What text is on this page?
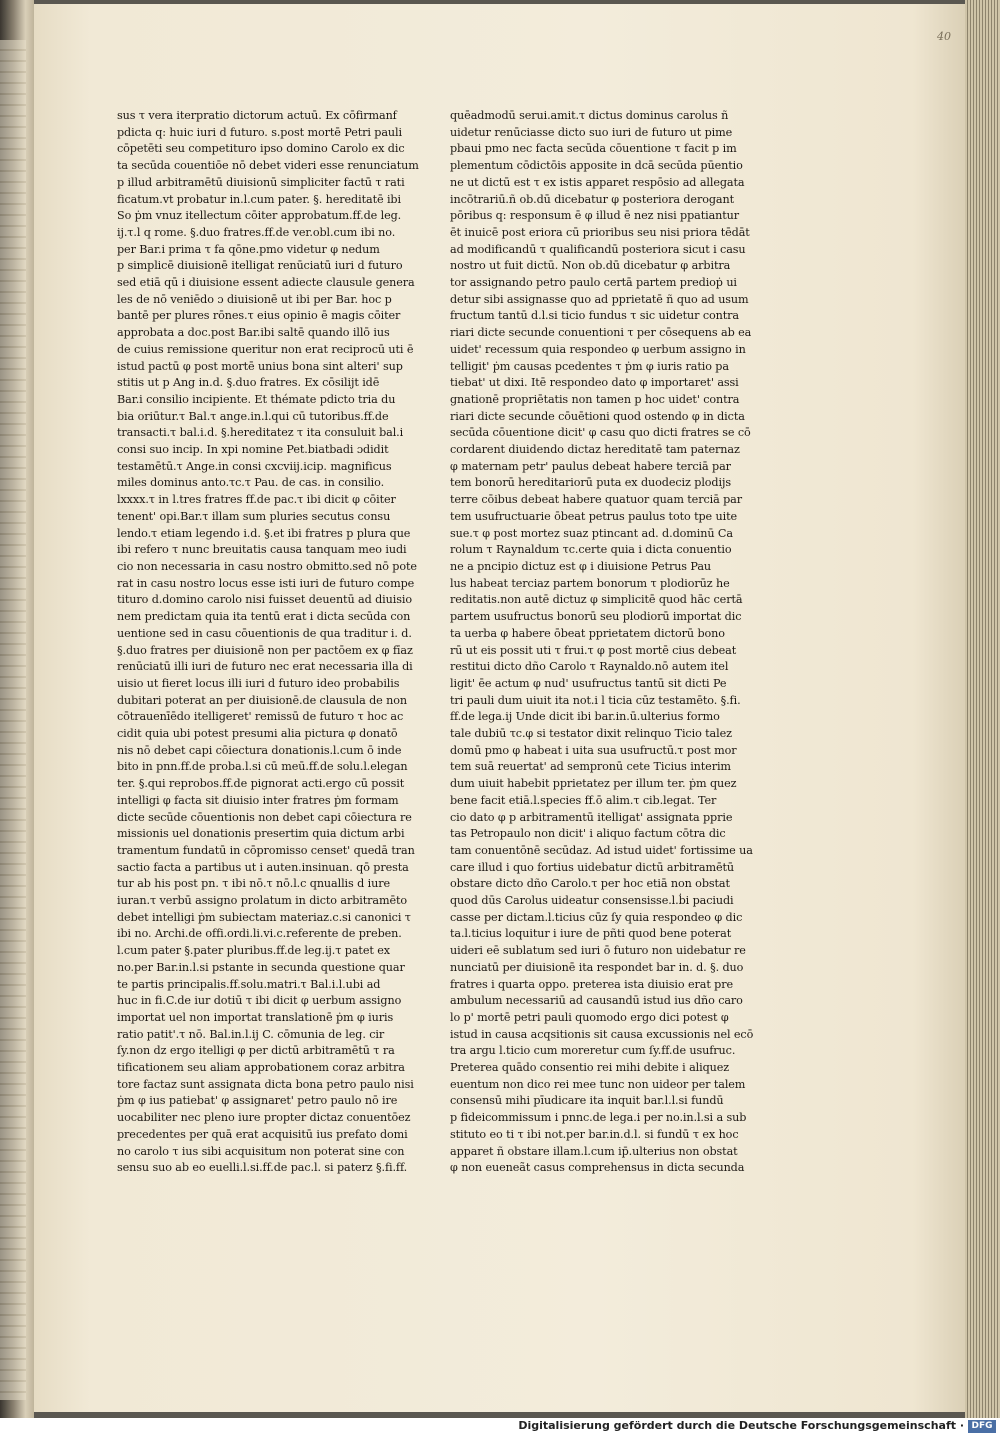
40
sus τ vera iterpratio dictorum actuū. Ex cōfirmanf
pdicta q: huic iuri d futuro. s.post mortē Petri pauli
cōpetēti seu competituro ipso domino Carolo ex dic
ta secūda couentiōe nō debet videri esse renunciatum
p illud arbitramētū diuisionū simpliciter factū τ rati
ficatum.vt probatur in.l.cum pater. §. hereditatē ibi
So ṗm vnuz itellectum cōiter approbatum.ff.de leg.
ij.τ.l q rome. §.duo fratres.ff.de ver.obl.cum ibi no.
per Bar.i prima τ fa qōne.pmo videtur φ nedum
p simplicē diuisionē itelligat renūciatū iuri d futuro
sed etiā qū i diuisione essent adiecte clausule genera
les de nō veniēdo ɔ diuisionē ut ibi per Bar. hoc p
bantē per plures rōnes.τ eius opinio ē magis cōiter
approbata a doc.post Bar.ibi saltē quando illō ius
de cuius remissione queritur non erat reciprocū uti ē
istud pactū φ post mortē unius bona sint alteri' sup
stitis ut p Ang in.d. §.duo fratres. Ex cōsilijt idē
Bar.i consilio incipiente. Et thémate pdicto tria du
bia oriūtur.τ Bal.τ ange.in.l.qui cū tutoribus.ff.de
transacti.τ bal.i.d. §.hereditatez τ ita consuluit bal.i
consi suo incip. In xpi nomine Pet.biatbadi ɔdidit
testamētū.τ Ange.in consi cxcviij.icip. magnificus
miles dominus anto.τc.τ Pau. de cas. in consilio.
lxxxx.τ in l.tres fratres ff.de pac.τ ibi dicit φ cōiter
tenent' opi.Bar.τ illam sum pluries secutus consu
lendo.τ etiam legendo i.d. §.et ibi fratres p plura que
ibi refero τ nunc breuitatis causa tanquam meo iudi
cio non necessaria in casu nostro obmitto.sed nō pote
rat in casu nostro locus esse isti iuri de futuro compe
tituro d.domino carolo nisi fuisset deuentū ad diuisio
nem predictam quia ita tentū erat i dicta secūda con
uentione sed in casu cōuentionis de qua traditur i. d.
§.duo fratres per diuisionē non per pactōem ex φ fīaz
renūciatū illi iuri de futuro nec erat necessaria illa di
uisio ut fieret locus illi iuri d futuro ideo probabilis
dubitari poterat an per diuisionē.de clausula de non
cōtrauenīēdo itelligeret' remissū de futuro τ hoc ac
cidit quia ubi potest presumi alia pictura φ donatō
nis nō debet capi cōiectura donationis.l.cum ō inde
bito in pnn.ff.de proba.l.si cū meū.ff.de solu.l.elegan
ter. §.qui reprobos.ff.de pignorat acti.ergo cū possit
intelligi φ facta sit diuisio inter fratres ṗm formam
dicte secūde cōuentionis non debet capi cōiectura re
missionis uel donationis presertim quia dictum arbi
tramentum fundatū in cōpromisso censet' quedā tran
sactio facta a partibus ut i auten.insinuan. qō presta
tur ab his post pn. τ ibi nō.τ nō.l.c qnuallis d iure
iuran.τ verbū assigno prolatum in dicto arbitramēto
debet intelligi ṗm subiectam materiaz.c.si canonici τ
ibi no. Archi.de offi.ordi.li.vi.c.referente de preben.
l.cum pater §.pater pluribus.ff.de leg.ij.τ patet ex
no.per Bar.in.l.si pstante in secunda questione quar
te partis principalis.ff.solu.matri.τ Bal.i.l.ubi ad
huc in fi.C.de iur dotiū τ ibi dicit φ uerbum assigno
importat uel non importat translationē ṗm φ iuris
ratio patit'.τ nō. Bal.in.l.ij C. cōmunia de leg. cir
ſy.non dz ergo itelligi φ per dictū arbitramētū τ ra
tificationem seu aliam approbationem coraz arbitra
tore factaz sunt assignata dicta bona petro paulo nisi
ṗm φ ius patiebat' φ assignaret' petro paulo nō ire
uocabiliter nec pleno iure propter dictaz conuentōez
precedentes per quā erat acquisitū ius prefato domi
no carolo τ ius sibi acquisitum non poterat sine con
sensu suo ab eo euelli.l.si.ff.de pac.l. si paterz §.fi.ff.
quēadmodū serui.amit.τ dictus dominus carolus ñ
uidetur renūciasse dicto suo iuri de futuro ut pime
pbaui pmo nec facta secūda cōuentione τ facit p im
plementum cōdictōis apposite in dcā secūda pūentio
ne ut dictū est τ ex istis apparet respōsio ad allegata
incōtrariū.ñ ob.dū dicebatur φ posteriora derogant
pōribus q: responsum ē φ illud ē nez nisi ppatiantur
ēt inuicē post eriora cū prioribus seu nisi priora tēdāt
ad modificandū τ qualificandū posteriora sicut i casu
nostro ut fuit dictū. Non ob.dū dicebatur φ arbitra
tor assignando petro paulo certā partem predioṗ ui
detur sibi assignasse quo ad pprietatē ñ quo ad usum
fructum tantū d.l.si ticio fundus τ sic uidetur contra
riari dicte secunde conuentioni τ per cōsequens ab ea
uidet' recessum quia respondeo φ uerbum assigno in
telligit' ṗm causas pcedentes τ ṗm φ iuris ratio pa
tiebat' ut dixi. Itē respondeo dato φ importaret' assi
gnationē propriētatis non tamen p hoc uidet' contra
riari dicte secunde cōuētioni quod ostendo φ in dicta
secūda cōuentione dicit' φ casu quo dicti fratres se cō
cordarent diuidendo dictaz hereditatē tam paternaz
φ maternam petr' paulus debeat habere terciā par
tem bonorū hereditariorū puta ex duodeciz plodijs
terre cōibus debeat habere quatuor quam terciā par
tem usufructuarie ōbeat petrus paulus toto tpe uite
sue.τ φ post mortez suaz ptincant ad. d.dominū Ca
rolum τ Raynaldum τc.certe quia i dicta conuentio
ne a pncipio dictuz est φ i diuisione Petrus Pau
lus habeat terciaz partem bonorum τ plodiorūz he
reditatis.non autē dictuz φ simplicitē quod hāc certā
partem usufructus bonorū seu plodiorū importat dic
ta uerba φ habere ōbeat pprietatem dictorū bono
rū ut eis possit uti τ frui.τ φ post mortē cius debeat
restitui dicto dño Carolo τ Raynaldo.nō autem itel
ligit' ēe actum φ nud' usufructus tantū sit dicti Pe
tri pauli dum uiuit ita not.i l ticia cūz testamēto. §.fi.
ff.de lega.ij Unde dicit ibi bar.in.ū.ulterius formo
tale dubiū τc.φ si testator dixit relinquo Ticio talez
domū pmo φ habeat i uita sua usufructū.τ post mor
tem suā reuertat' ad sempronū cete Ticius interim
dum uiuit habebit pprietatez per illum ter. ṗm quez
bene facit etiā.l.species ff.ō alim.τ cib.legat. Ter
cio dato φ p arbitramentū itelligat' assignata pprie
tas Petropaulo non dicit' i aliquo factum cōtra dic
tam conuentōnē secūdaz. Ad istud uidet' fortissime ua
care illud i quo fortius uidebatur dictū arbitramētū
obstare dicto dño Carolo.τ per hoc etiā non obstat
quod dūs Carolus uideatur consensisse.l.ḃi paciudi
casse per dictam.l.ticius cūz ſy quia respondeo φ dic
ta.l.ticius loquitur i iure de pñti quod bene poterat
uideri eē sublatum sed iuri ō futuro non uidebatur re
nunciatū per diuisionē ita respondet bar in. d. §. duo
fratres i quarta oppo. preterea ista diuisio erat pre
ambulum necessariū ad causandū istud ius dño caro
lo p' mortē petri pauli quomodo ergo dici potest φ
istud in causa acqsitionis sit causa excussionis nel ecō
tra argu l.ticio cum moreretur cum ſy.ff.de usufruc.
Preterea quādo consentio rei mihi debite i aliquez
euentum non dico rei mee tunc non uideor per talem
consensū mihi pīudicare ita inquit bar.l.l.si fundū
p fideicommissum i pnnc.de lega.i per no.in.l.si a sub
stituto eo ti τ ibi not.per bar.in.d.l. si fundū τ ex hoc
apparet ñ obstare illam.l.cum ip̄.ulterius non obstat
φ non eueneãt casus comprehensus in dicta secunda
Digitalisierung gefördert durch die Deutsche Forschungsgemeinschaft · DFG
